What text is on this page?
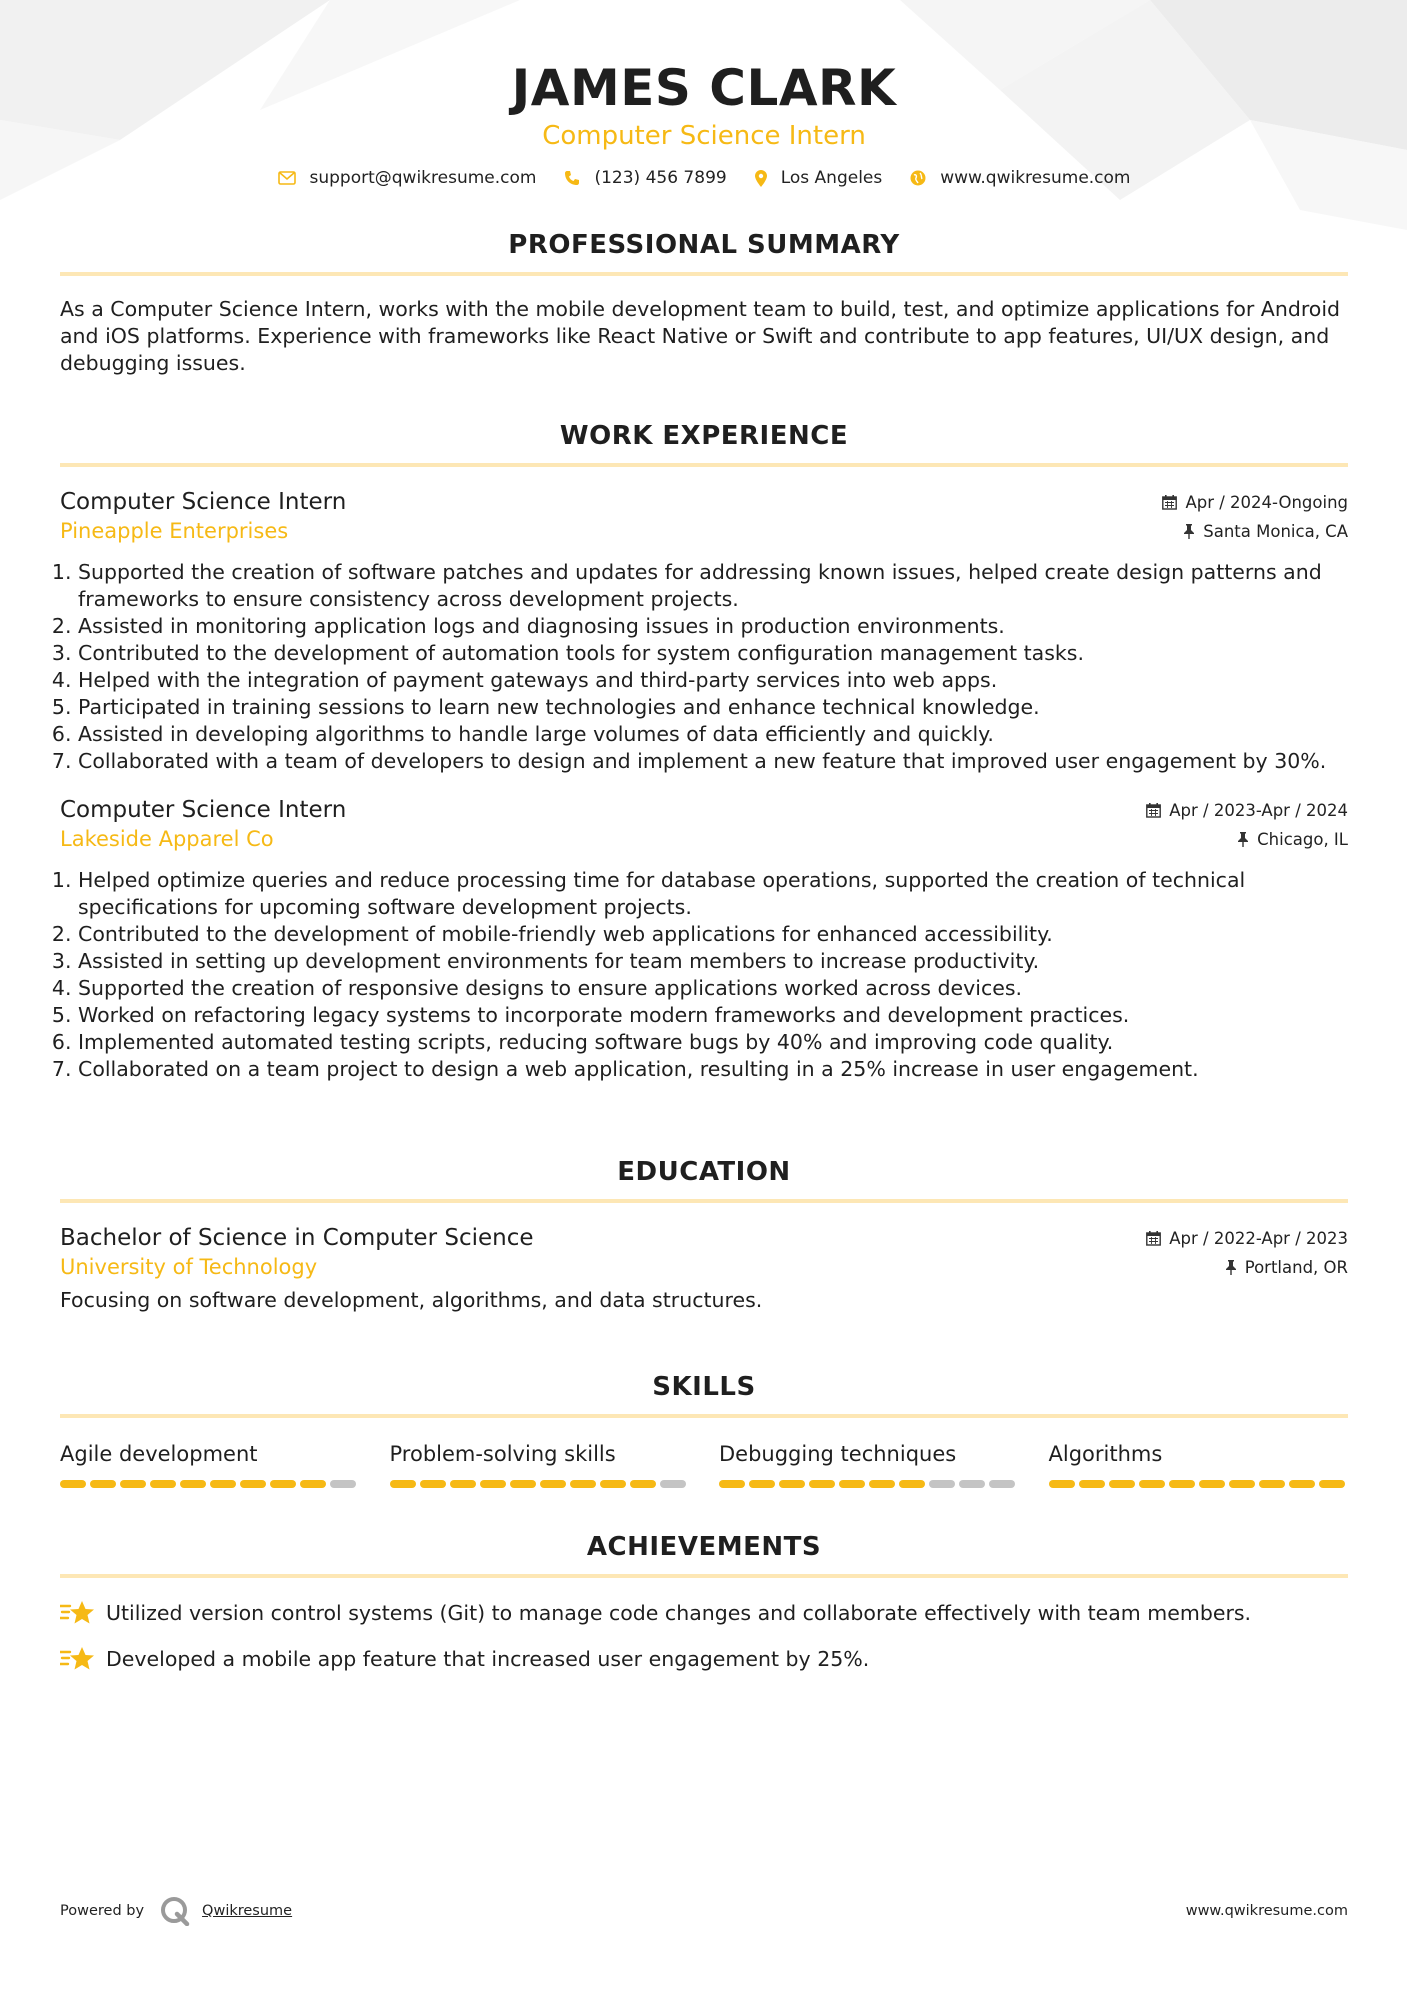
JAMES CLARK
Computer Science Intern
support@qwikresume.com	(123) 456 7899	Los Angeles	www.qwikresume.com
PROFESSIONAL SUMMARY
As a Computer Science Intern, works with the mobile development team to build, test, and optimize applications for Android and iOS platforms. Experience with frameworks like React Native or Swift and contribute to app features, UI/UX design, and debugging issues.
WORK EXPERIENCE
Computer Science Intern	Apr / 2024-Ongoing
Pineapple Enterprises	Santa Monica, CA
1. Supported the creation of software patches and updates for addressing known issues, helped create design patterns and frameworks to ensure consistency across development projects.
2. Assisted in monitoring application logs and diagnosing issues in production environments.
3. Contributed to the development of automation tools for system configuration management tasks.
4. Helped with the integration of payment gateways and third-party services into web apps.
5. Participated in training sessions to learn new technologies and enhance technical knowledge.
6. Assisted in developing algorithms to handle large volumes of data efficiently and quickly.
7. Collaborated with a team of developers to design and implement a new feature that improved user engagement by 30%.
Computer Science Intern	Apr / 2023-Apr / 2024
Lakeside Apparel Co	Chicago, IL
1. Helped optimize queries and reduce processing time for database operations, supported the creation of technical specifications for upcoming software development projects.
2. Contributed to the development of mobile-friendly web applications for enhanced accessibility.
3. Assisted in setting up development environments for team members to increase productivity.
4. Supported the creation of responsive designs to ensure applications worked across devices.
5. Worked on refactoring legacy systems to incorporate modern frameworks and development practices.
6. Implemented automated testing scripts, reducing software bugs by 40% and improving code quality.
7. Collaborated on a team project to design a web application, resulting in a 25% increase in user engagement.
EDUCATION
Bachelor of Science in Computer Science	Apr / 2022-Apr / 2023
University of Technology	Portland, OR
Focusing on software development, algorithms, and data structures.
SKILLS
Agile development	Problem-solving skills	Debugging techniques	Algorithms
ACHIEVEMENTS
Utilized version control systems (Git) to manage code changes and collaborate effectively with team members.
Developed a mobile app feature that increased user engagement by 25%.
Powered by	Qwikresume	www.qwikresume.com
